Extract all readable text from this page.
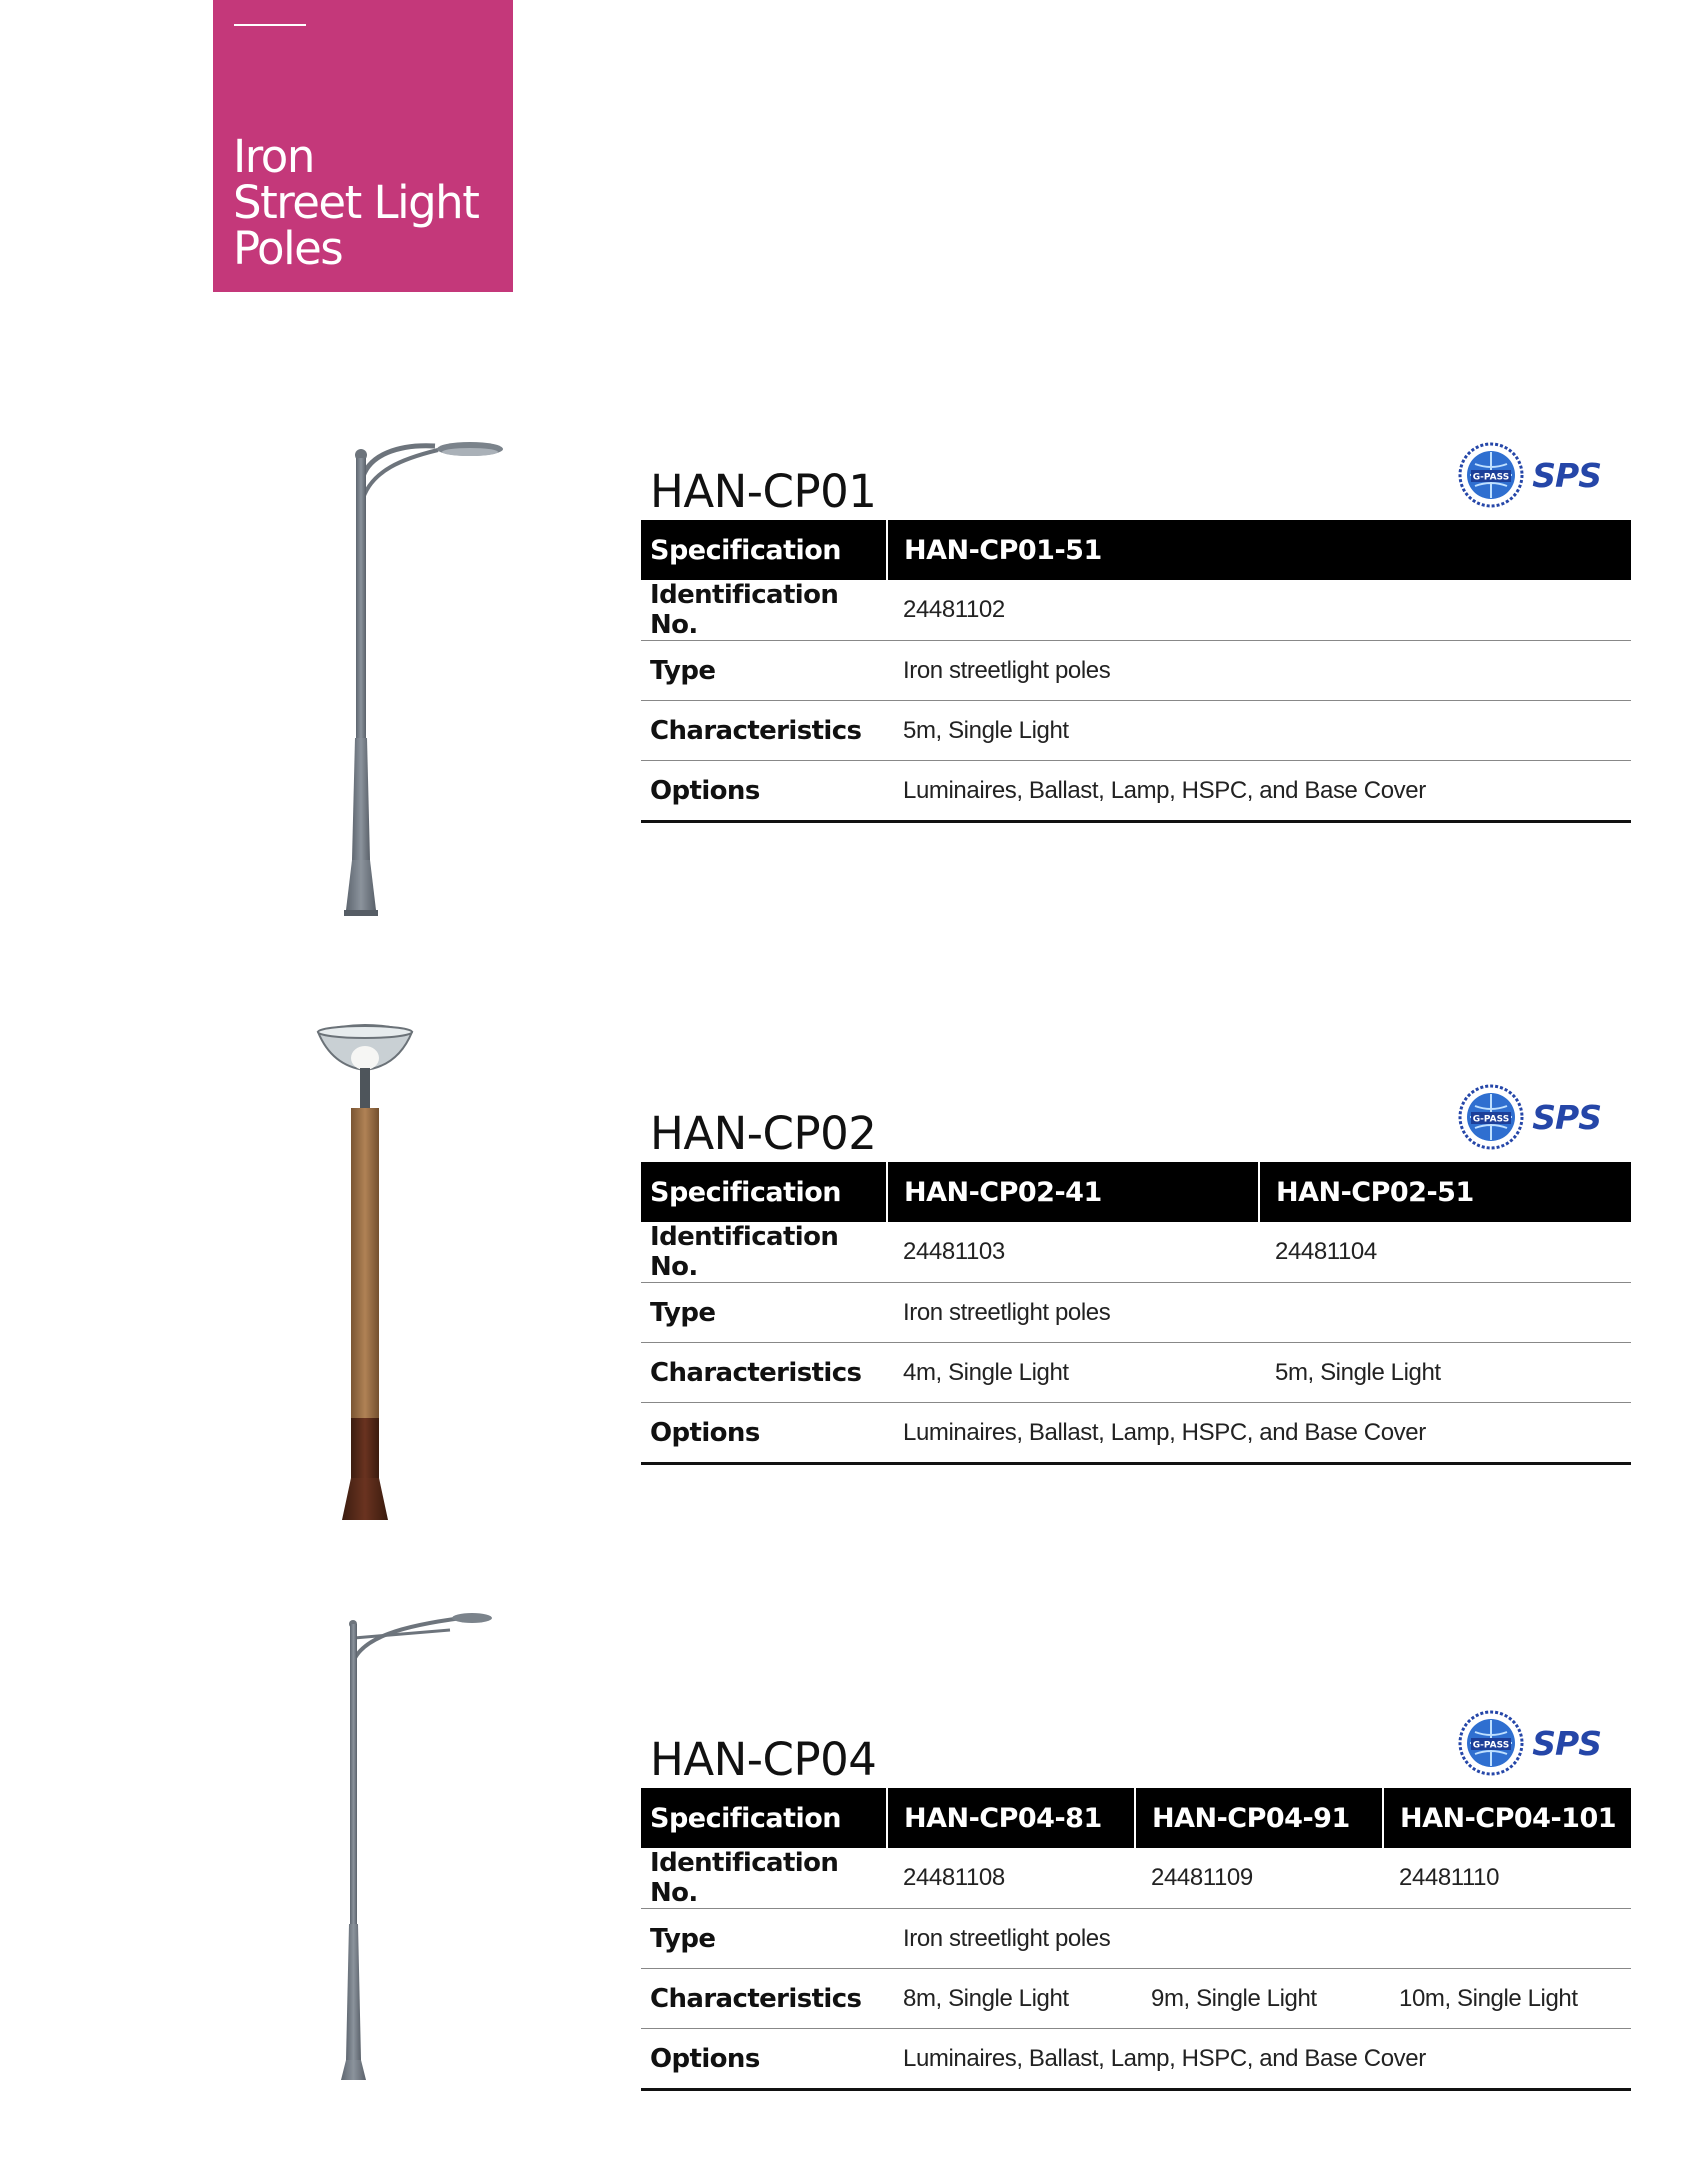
Iron
Street Light
Poles
HAN-CP01	G-PASS SPS
Specification	HAN-CP01-51
Identification No.	24481102
Type	Iron streetlight poles
Characteristics	5m, Single Light
Options	Luminaires, Ballast, Lamp, HSPC, and Base Cover
HAN-CP02	G-PASS SPS
Specification	HAN-CP02-41	HAN-CP02-51
Identification No.	24481103	24481104
Type	Iron streetlight poles	
Characteristics	4m, Single Light	5m, Single Light
Options	Luminaires, Ballast, Lamp, HSPC, and Base Cover	
HAN-CP04	G-PASS SPS
Specification	HAN-CP04-81	HAN-CP04-91	HAN-CP04-101
Identification No.	24481108	24481109	24481110
Type	Iron streetlight poles		
Characteristics	8m, Single Light	9m, Single Light	10m, Single Light
Options	Luminaires, Ballast, Lamp, HSPC, and Base Cover		
